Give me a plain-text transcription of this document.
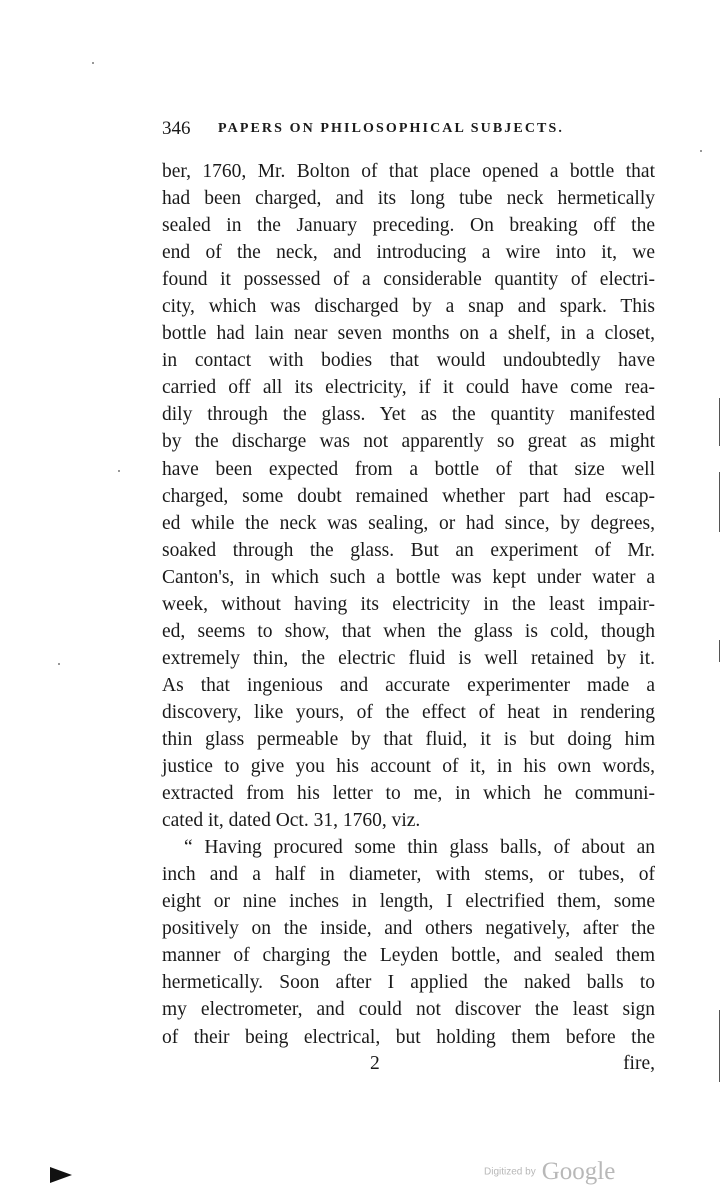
346 PAPERS ON PHILOSOPHICAL SUBJECTS.
ber, 1760, Mr. Bolton of that place opened a bottle that
had been charged, and its long tube neck hermetically
sealed in the January preceding. On breaking off the
end of the neck, and introducing a wire into it, we
found it possessed of a considerable quantity of electri-
city, which was discharged by a snap and spark. This
bottle had lain near seven months on a shelf, in a closet,
in contact with bodies that would undoubtedly have
carried off all its electricity, if it could have come rea-
dily through the glass. Yet as the quantity manifested
by the discharge was not apparently so great as might
have been expected from a bottle of that size well
charged, some doubt remained whether part had escap-
ed while the neck was sealing, or had since, by degrees,
soaked through the glass. But an experiment of Mr.
Canton's, in which such a bottle was kept under water a
week, without having its electricity in the least impair-
ed, seems to show, that when the glass is cold, though
extremely thin, the electric fluid is well retained by it.
As that ingenious and accurate experimenter made a
discovery, like yours, of the effect of heat in rendering
thin glass permeable by that fluid, it is but doing him
justice to give you his account of it, in his own words,
extracted from his letter to me, in which he communi-
cated it, dated Oct. 31, 1760, viz.
“ Having procured some thin glass balls, of about an
inch and a half in diameter, with stems, or tubes, of
eight or nine inches in length, I electrified them, some
positively on the inside, and others negatively, after the
manner of charging the Leyden bottle, and sealed them
hermetically. Soon after I applied the naked balls to
my electrometer, and could not discover the least sign
of their being electrical, but holding them before the
2	fire,
Digitized by Google
